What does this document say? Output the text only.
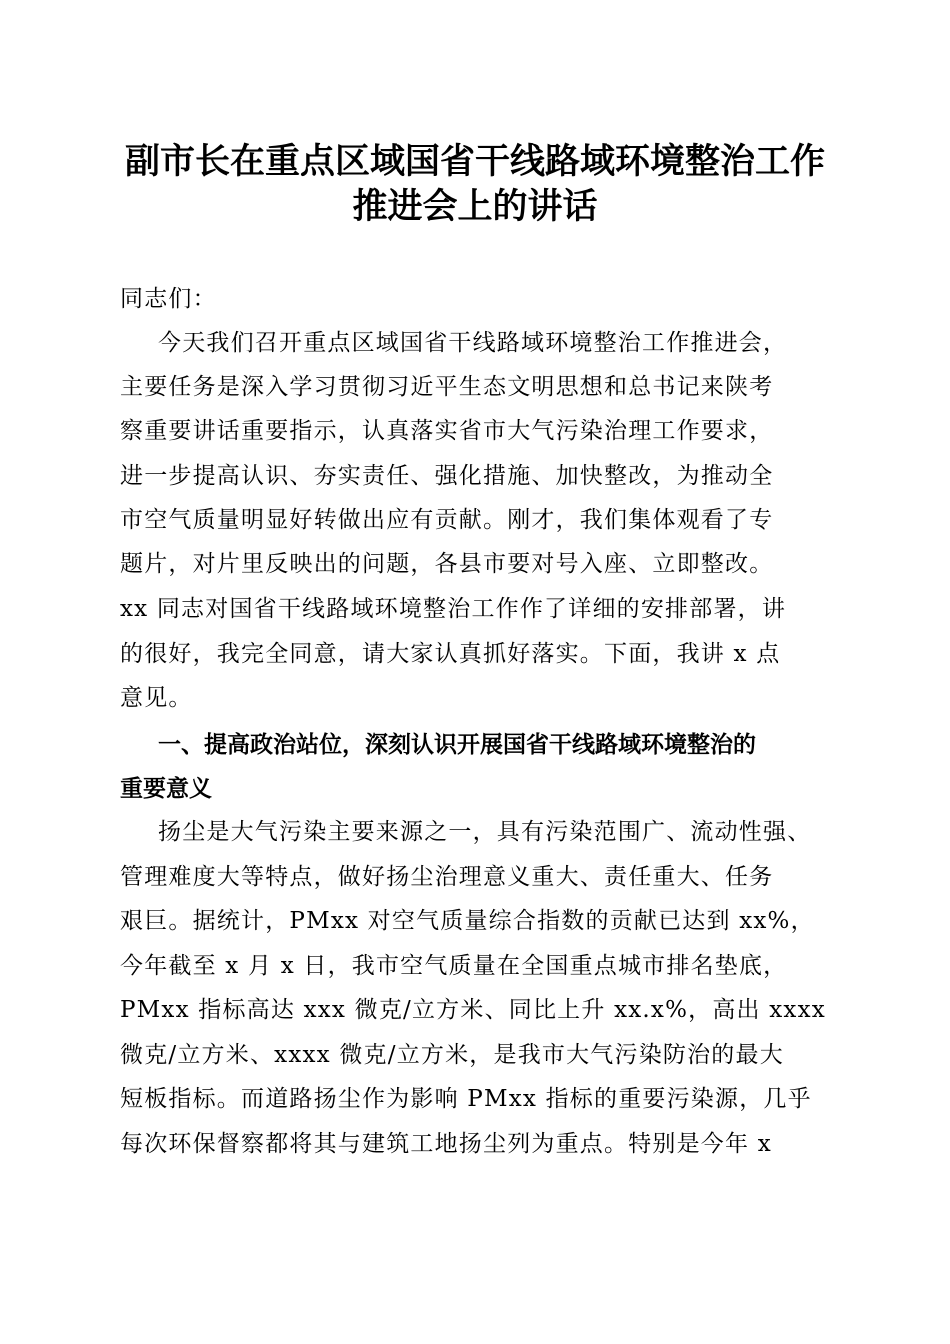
副市长在重点区域国省干线路域环境整治工作
推进会上的讲话
同志们：
今天我们召开重点区域国省干线路域环境整治工作推进会，
主要任务是深入学习贯彻习近平生态文明思想和总书记来陕考
察重要讲话重要指示，认真落实省市大气污染治理工作要求，
进一步提高认识、夯实责任、强化措施、加快整改，为推动全
市空气质量明显好转做出应有贡献。刚才，我们集体观看了专
题片，对片里反映出的问题，各县市要对号入座、立即整改。
xx 同志对国省干线路域环境整治工作作了详细的安排部署，讲
的很好，我完全同意，请大家认真抓好落实。下面，我讲 x 点
意见。
一、提高政治站位，深刻认识开展国省干线路域环境整治的
重要意义
扬尘是大气污染主要来源之一，具有污染范围广、流动性强、
管理难度大等特点，做好扬尘治理意义重大、责任重大、任务
艰巨。据统计，PMxx 对空气质量综合指数的贡献已达到 xx%，
今年截至 x 月 x 日，我市空气质量在全国重点城市排名垫底，
PMxx 指标高达 xxx 微克/立方米、同比上升 xx.x%，高出 xxxx
微克/立方米、xxxx 微克/立方米，是我市大气污染防治的最大
短板指标。而道路扬尘作为影响 PMxx 指标的重要污染源，几乎
每次环保督察都将其与建筑工地扬尘列为重点。特别是今年 x
